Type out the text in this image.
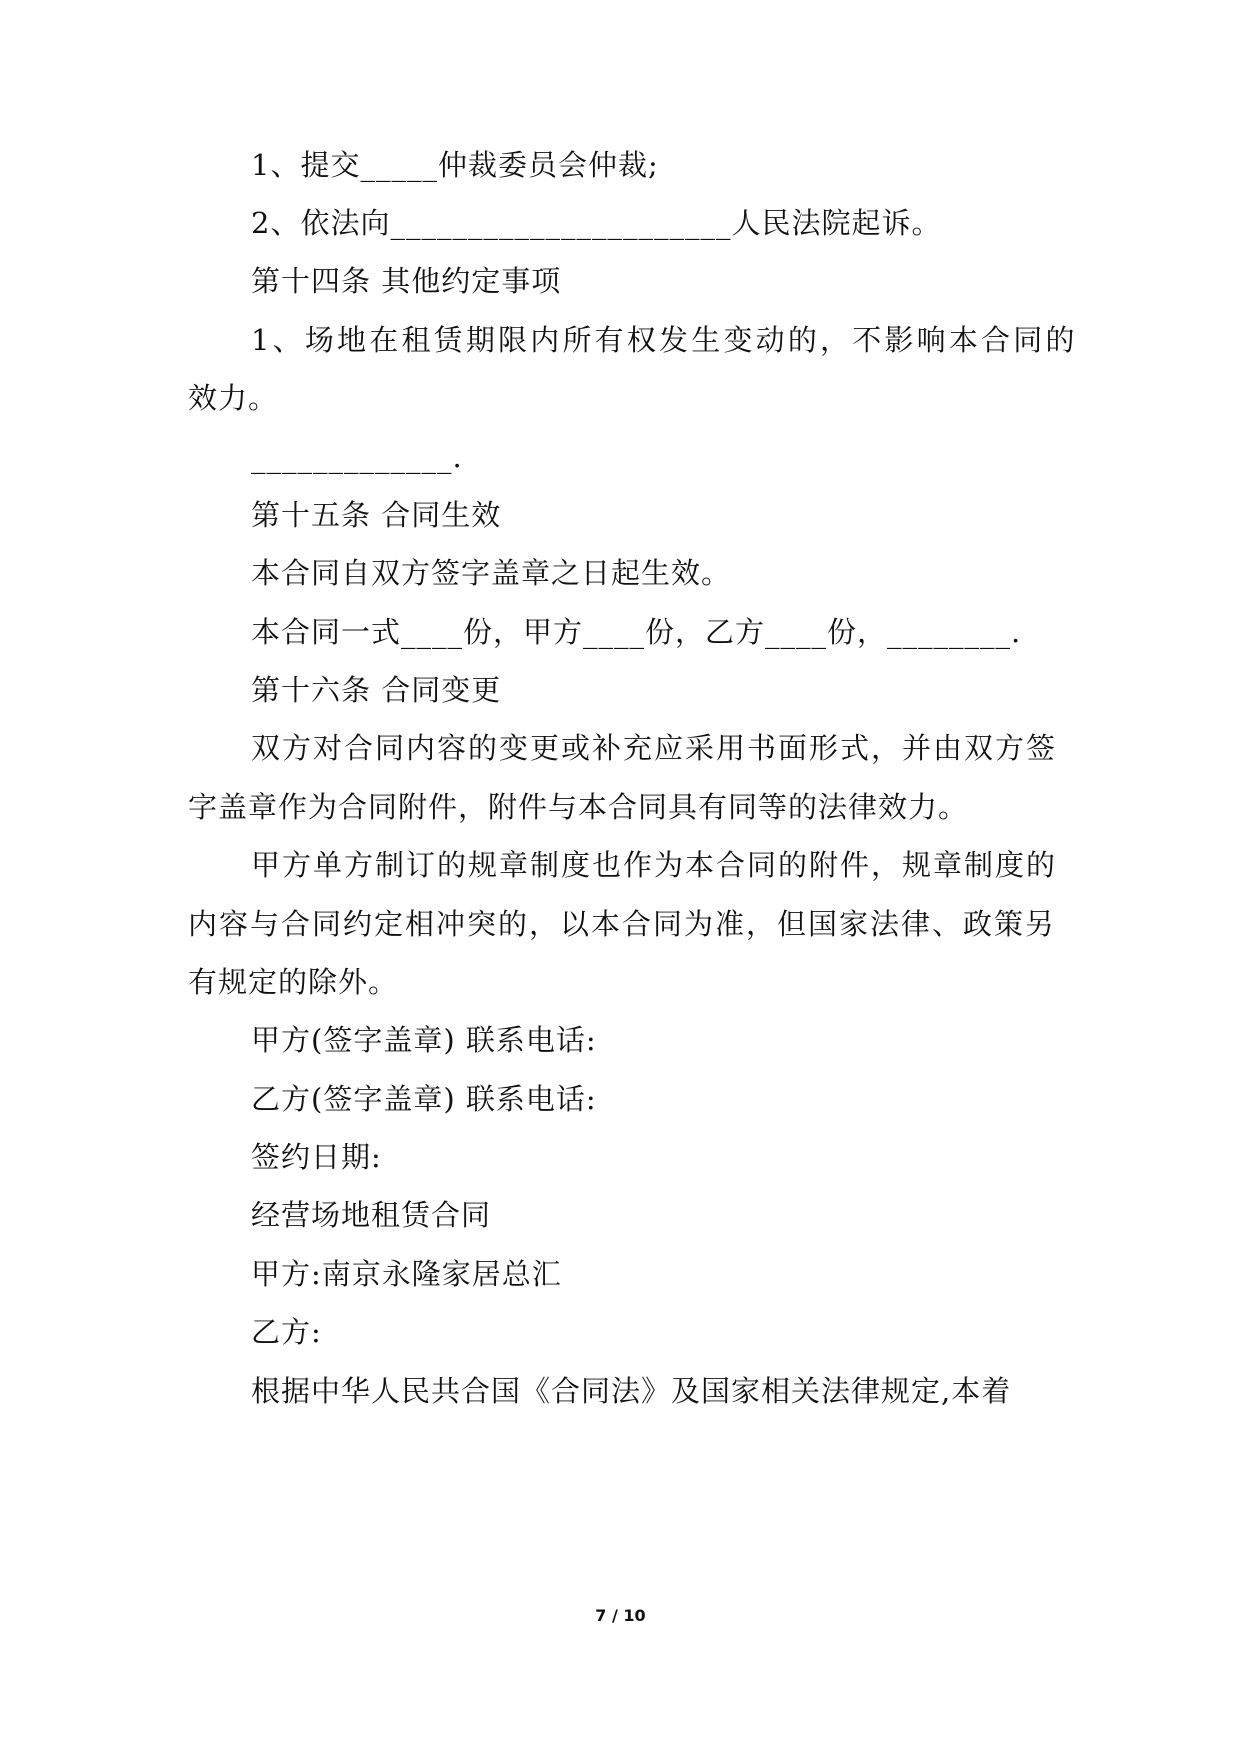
1、提交_____仲裁委员会仲裁;
2、依法向______________________人民法院起诉。
第十四条 其他约定事项
1、场地在租赁期限内所有权发生变动的，不影响本合同的
效力。
_____________.
第十五条 合同生效
本合同自双方签字盖章之日起生效。
本合同一式____份，甲方____份，乙方____份，________.
第十六条 合同变更
双方对合同内容的变更或补充应采用书面形式，并由双方签
字盖章作为合同附件，附件与本合同具有同等的法律效力。
甲方单方制订的规章制度也作为本合同的附件，规章制度的
内容与合同约定相冲突的，以本合同为准，但国家法律、政策另
有规定的除外。
甲方(签字盖章) 联系电话:
乙方(签字盖章) 联系电话:
签约日期:
经营场地租赁合同
甲方:南京永隆家居总汇
乙方:
根据中华人民共合国《合同法》及国家相关法律规定,本着
7 / 10
